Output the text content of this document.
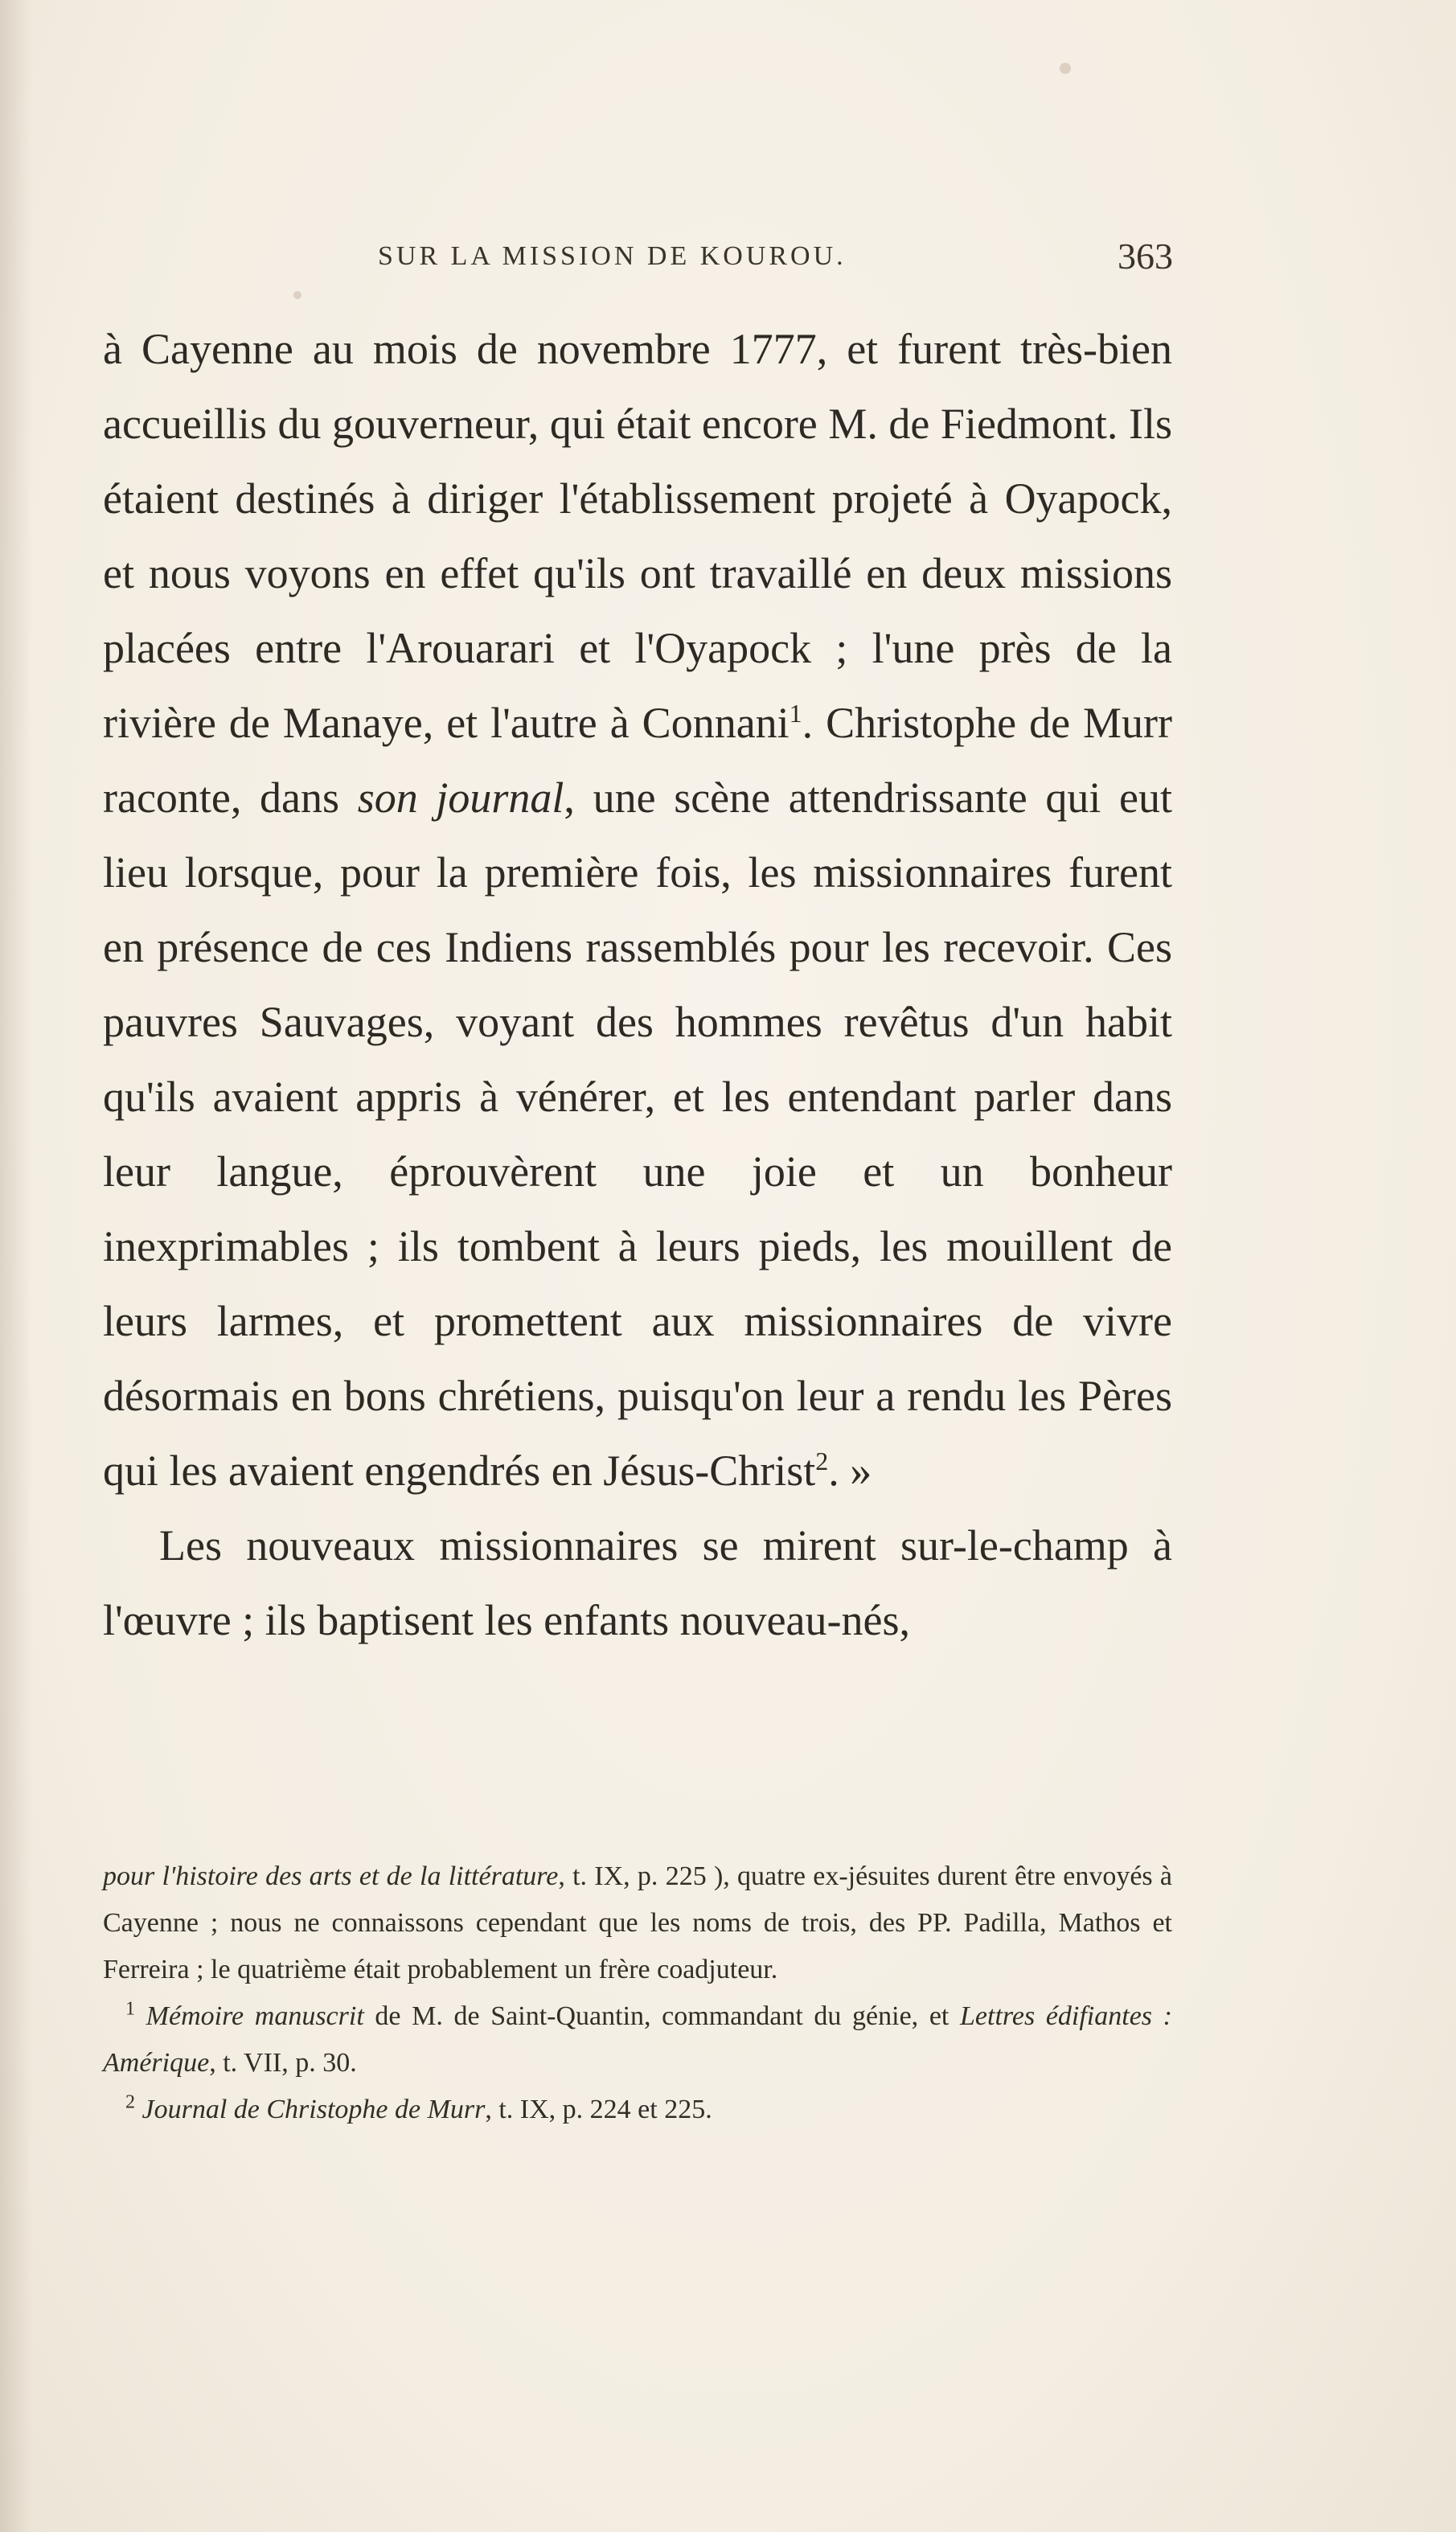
SUR LA MISSION DE KOUROU.	363

à Cayenne au mois de novembre 1777, et furent très-bien accueillis du gouverneur, qui était encore M. de Fiedmont. Ils étaient destinés à diriger l'établissement projeté à Oyapock, et nous voyons en effet qu'ils ont travaillé en deux missions placées entre l'Arouarari et l'Oyapock ; l'une près de la rivière de Manaye, et l'autre à Connani$^1$. Christophe de Murr raconte, dans son journal, une scène attendrissante qui eut lieu lorsque, pour la première fois, les missionnaires furent en présence de ces Indiens rassemblés pour les recevoir. Ces pauvres Sauvages, voyant des hommes revêtus d'un habit qu'ils avaient appris à vénérer, et les entendant parler dans leur langue, éprouvèrent une joie et un bonheur inexprimables ; ils tombent à leurs pieds, les mouillent de leurs larmes, et promettent aux missionnaires de vivre désormais en bons chrétiens, puisqu'on leur a rendu les Pères qui les avaient engendrés en Jésus-Christ$^2$. »

Les nouveaux missionnaires se mirent sur-le-champ à l'œuvre ; ils baptisent les enfants nouveau-nés,

pour l'histoire des arts et de la littérature, t. IX, p. 225 ), quatre ex-jésuites durent être envoyés à Cayenne ; nous ne connaissons cependant que les noms de trois, des PP. Padilla, Mathos et Ferreira ; le quatrième était probablement un frère coadjuteur.

$^1$ Mémoire manuscrit de M. de Saint-Quantin, commandant du génie, et Lettres édifiantes : Amérique, t. VII, p. 30.

$^2$ Journal de Christophe de Murr, t. IX, p. 224 et 225.
